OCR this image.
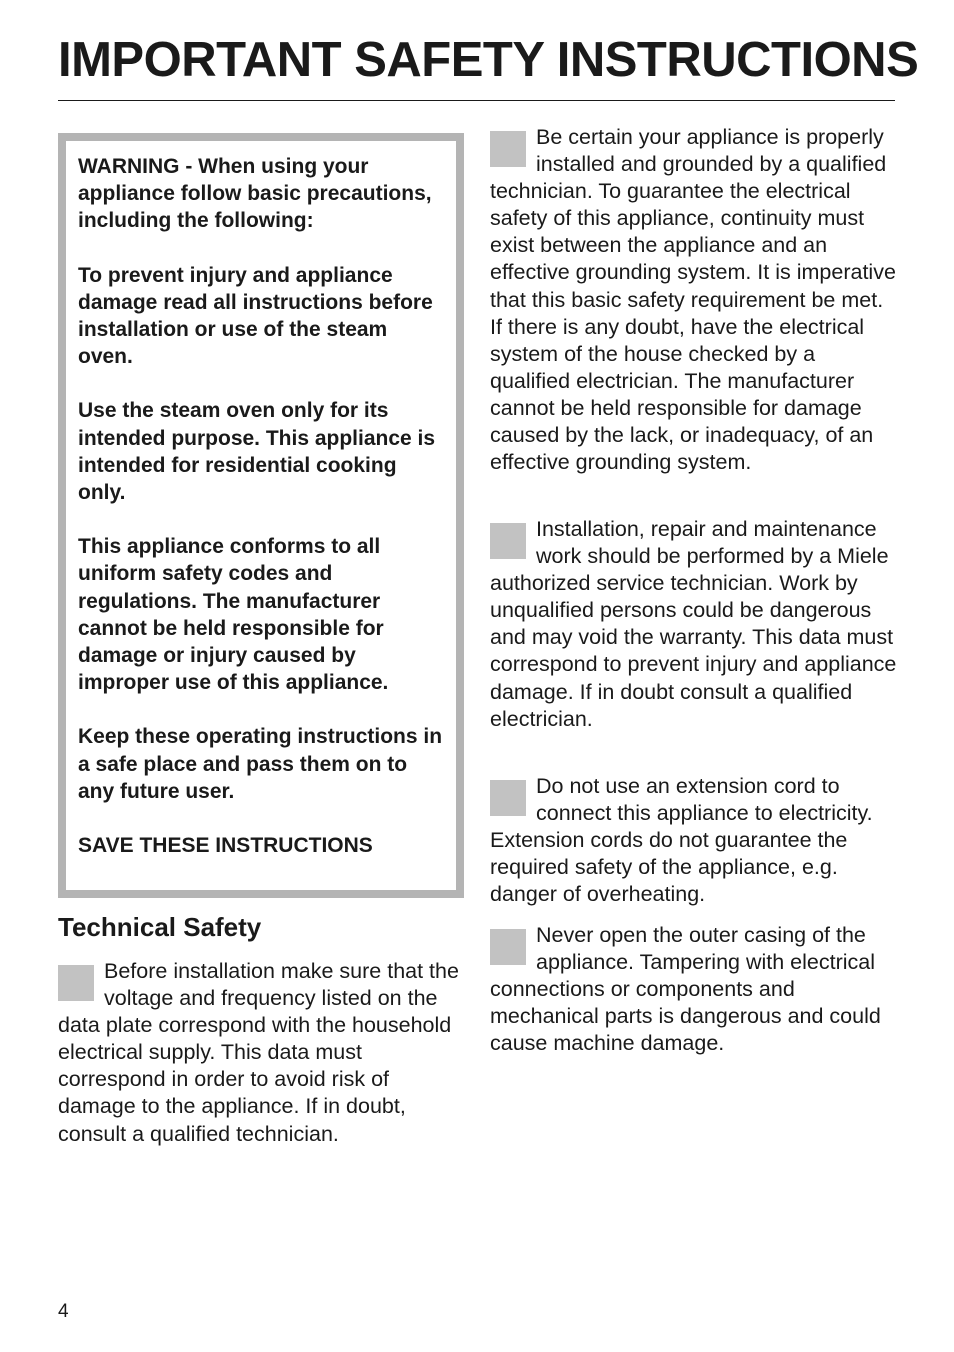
IMPORTANT SAFETY INSTRUCTIONS

WARNING - When using your appliance follow basic precautions, including the following:

To prevent injury and appliance damage read all instructions before installation or use of the steam oven.

Use the steam oven only for its intended purpose. This appliance is intended for residential cooking only.

This appliance conforms to all uniform safety codes and regulations. The manufacturer cannot be held responsible for damage or injury caused by improper use of this appliance.

Keep these operating instructions in a safe place and pass them on to any future user.

SAVE THESE INSTRUCTIONS

Technical Safety

Before installation make sure that the voltage and frequency listed on the data plate correspond with the household electrical supply. This data must correspond in order to avoid risk of damage to the appliance. If in doubt, consult a qualified technician.

Be certain your appliance is properly installed and grounded by a qualified technician. To guarantee the electrical safety of this appliance, continuity must exist between the appliance and an effective grounding system. It is imperative that this basic safety requirement be met. If there is any doubt, have the electrical system of the house checked by a qualified electrician. The manufacturer cannot be held responsible for damage caused by the lack, or inadequacy, of an effective grounding system.

Installation, repair and maintenance work should be performed by a Miele authorized service technician. Work by unqualified persons could be dangerous and may void the warranty. This data must correspond to prevent injury and appliance damage. If in doubt consult a qualified electrician.

Do not use an extension cord to connect this appliance to electricity. Extension cords do not guarantee the required safety of the appliance, e.g. danger of overheating.

Never open the outer casing of the appliance. Tampering with electrical connections or components and mechanical parts is dangerous and could cause machine damage.

4
